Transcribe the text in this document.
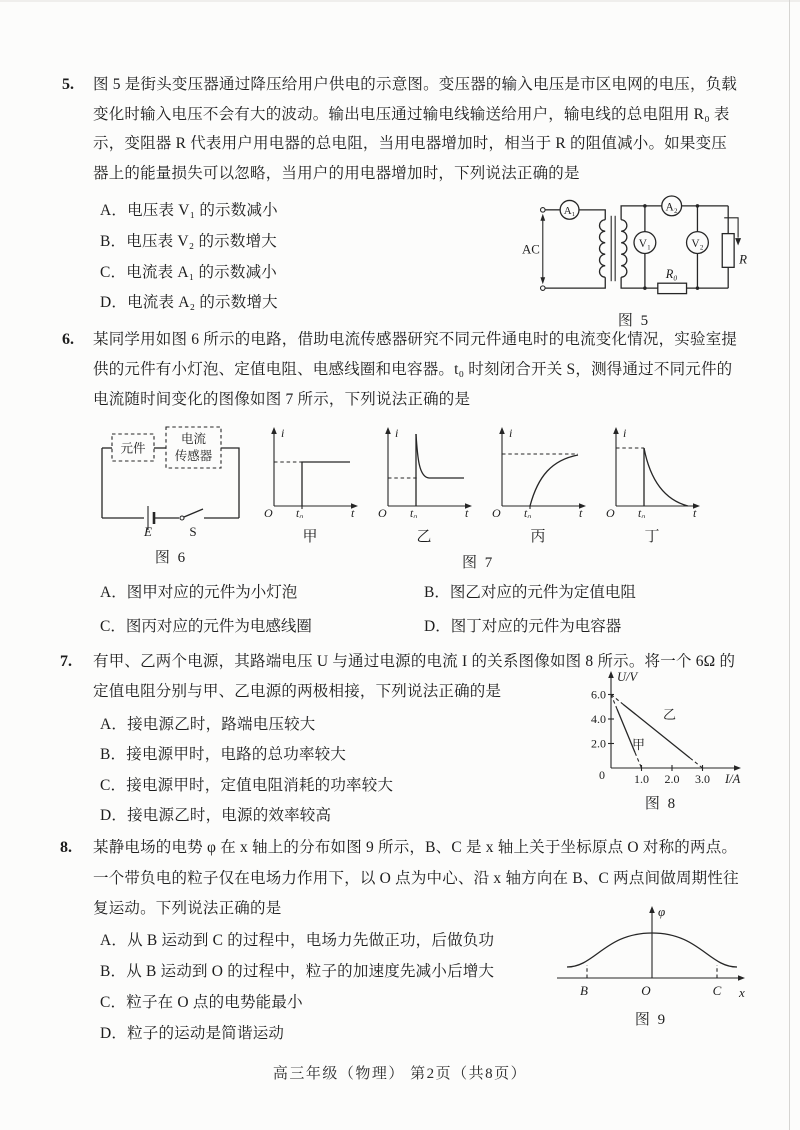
5. 图 5 是街头变压器通过降压给用户供电的示意图。变压器的输入电压是市区电网的电压，负载
变化时输入电压不会有大的波动。输出电压通过输电线输送给用户，输电线的总电阻用 R₀ 表
示，变阻器 R 代表用户用电器的总电阻，当用电器增加时，相当于 R 的阻值减小。如果变压
器上的能量损失可以忽略，当用户的用电器增加时，下列说法正确的是
A．电压表 V₁ 的示数减小
B．电压表 V₂ 的示数增大
C．电流表 A₁ 的示数减小
D．电流表 A₂ 的示数增大
AC
A₁
V₁
A₂
V₂
R₀
R
图 5
6. 某同学用如图 6 所示的电路，借助电流传感器研究不同元件通电时的电流变化情况，实验室提
供的元件有小灯泡、定值电阻、电感线圈和电容器。t₀ 时刻闭合开关 S，测得通过不同元件的
电流随时间变化的图像如图 7 所示，下列说法正确的是
元件
电流
传感器
E	S
图 6
i
t
O t₀
甲
i
t
O t₀
乙
i
t
O t₀
丙
i
t
O t₀
丁
图 7
A．图甲对应的元件为小灯泡	B．图乙对应的元件为定值电阻
C．图丙对应的元件为电感线圈	D．图丁对应的元件为电容器
7. 有甲、乙两个电源，其路端电压 U 与通过电源的电流 I 的关系图像如图 8 所示。将一个 6Ω 的
定值电阻分别与甲、乙电源的两极相接，下列说法正确的是
A．接电源乙时，路端电压较大
B．接电源甲时，电路的总功率较大
C．接电源甲时，定值电阻消耗的功率较大
D．接电源乙时，电源的效率较高
U/V
I/A
6.0
4.0
2.0
0 1.0 2.0 3.0
甲
乙
图 8
8. 某静电场的电势 φ 在 x 轴上的分布如图 9 所示，B、C 是 x 轴上关于坐标原点 O 对称的两点。
一个带负电的粒子仅在电场力作用下，以 O 点为中心、沿 x 轴方向在 B、C 两点间做周期性往
复运动。下列说法正确的是
A．从 B 运动到 C 的过程中，电场力先做正功，后做负功
B．从 B 运动到 O 的过程中，粒子的加速度先减小后增大
C．粒子在 O 点的电势能最小
D．粒子的运动是简谐运动
φ
x
B	O	C
图 9
高三年级（物理） 第2页（共8页）
